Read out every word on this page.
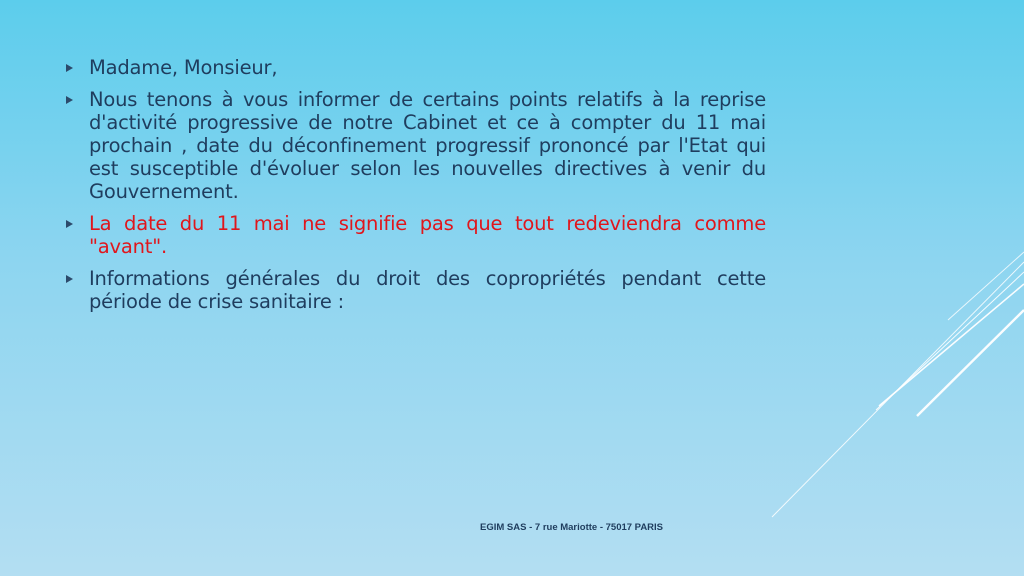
Madame, Monsieur,
Nous tenons à vous informer de certains points relatifs à la reprise d'activité progressive de notre Cabinet et ce à compter du 11 mai prochain , date du déconfinement progressif prononcé par l'Etat qui est susceptible d'évoluer selon les nouvelles directives à venir du Gouvernement.
La date du 11 mai ne signifie pas que tout redeviendra comme "avant".
Informations générales du droit des copropriétés pendant cette période de crise sanitaire :
EGIM SAS - 7 rue Mariotte - 75017 PARIS
